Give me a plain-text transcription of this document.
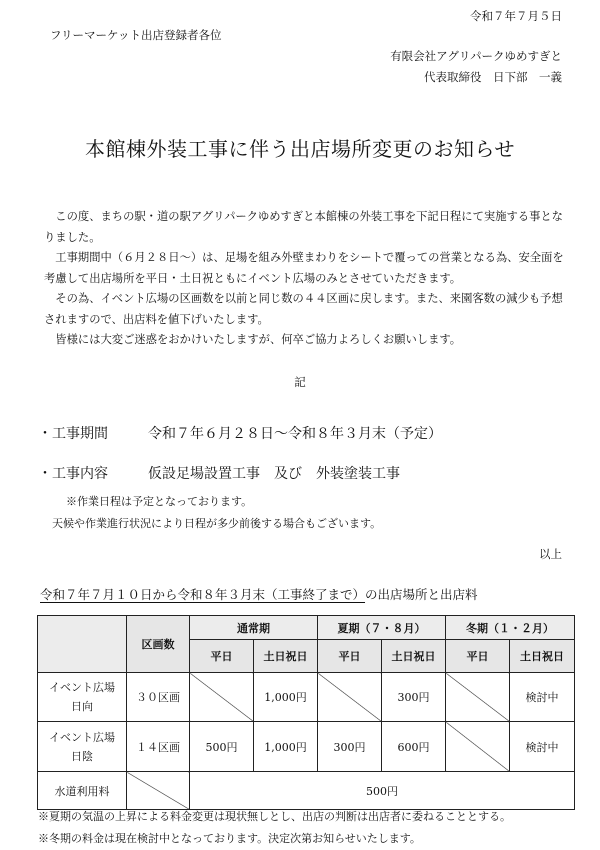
令和７年７月５日
フリーマーケット出店登録者各位
有限会社アグリパークゆめすぎと
代表取締役　日下部　一義
本館棟外装工事に伴う出店場所変更のお知らせ

　この度、まちの駅・道の駅アグリパークゆめすぎと本館棟の外装工事を下記日程にて実施する事となりました。

　工事期間中（６月２８日～）は、足場を組み外壁まわりをシートで覆っての営業となる為、安全面を考慮して出店場所を平日・土日祝ともにイベント広場のみとさせていただきます。

　その為、イベント広場の区画数を以前と同じ数の４４区画に戻します。また、来園客数の減少も予想されますので、出店料を値下げいたします。

　皆様には大変ご迷惑をおかけいたしますが、何卒ご協力よろしくお願いします。

記
・工事期間	令和７年６月２８日～令和８年３月末（予定）
・工事内容	仮設足場設置工事　及び　外装塗装工事
※作業日程は予定となっております。
天候や作業進行状況により日程が多少前後する場合もございます。
以上
令和７年７月１０日から令和８年３月末（工事終了まで）の出店場所と出店料
	区画数	通常期		夏期（７・８月）		冬期（１・２月）	
		平日	土日祝日	平日	土日祝日	平日	土日祝日
イベント広場
日向	３０区画		1,000円		300円		検討中
イベント広場
日陰	１４区画	500円	1,000円	300円	600円		検討中
水道利用料		500円					
※夏期の気温の上昇による料金変更は現状無しとし、出店の判断は出店者に委ねることとする。
※冬期の料金は現在検討中となっております。決定次第お知らせいたします。
